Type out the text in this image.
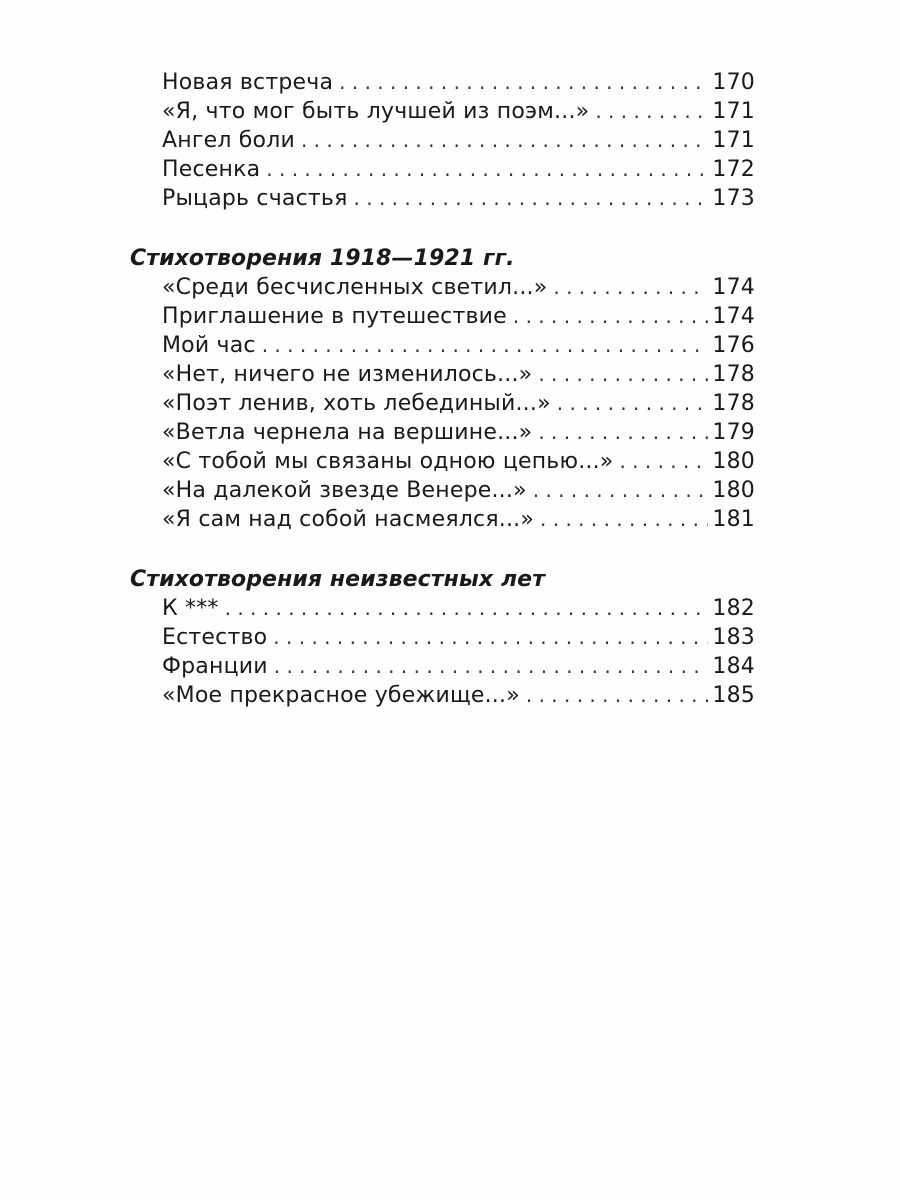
Новая встреча . . .	170
«Я, что мог быть лучшей из поэм...» . . .	171
Ангел боли . . .	171
Песенка . . .	172
Рыцарь счастья . . .	173
Стихотворения 1918—1921 гг.
«Среди бесчисленных светил...» . . .	174
Приглашение в путешествие . . .	174
Мой час . . .	176
«Нет, ничего не изменилось...» . . .	178
«Поэт ленив, хоть лебединый...» . . .	178
«Ветла чернела на вершине...» . . .	179
«С тобой мы связаны одною цепью...» . . .	180
«На далекой звезде Венере...» . . .	180
«Я сам над собой насмеялся...» . . .	181
Стихотворения неизвестных лет
К *** . . .	182
Естество . . .	183
Франции . . .	184
«Мое прекрасное убежище...» . . .	185
